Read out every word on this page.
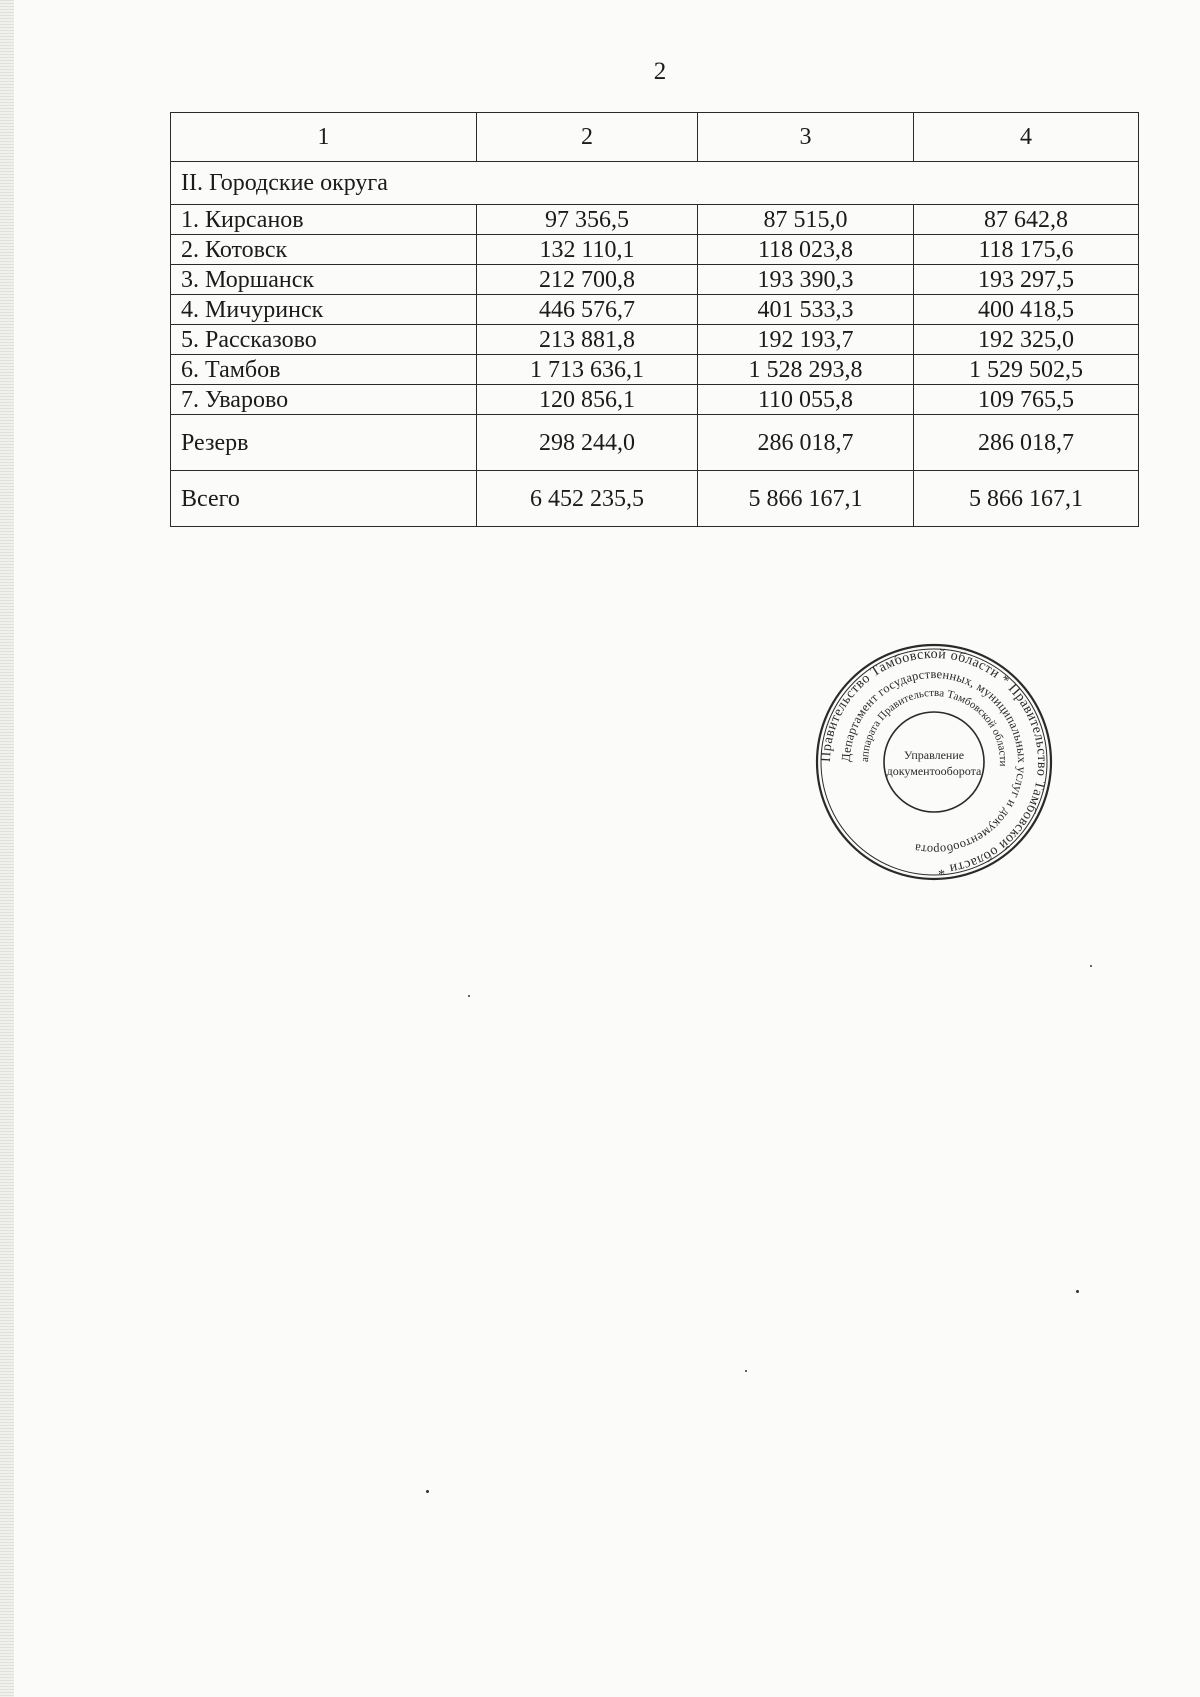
2
1	2	3	4
II. Городские округа			
1. Кирсанов	97 356,5	87 515,0	87 642,8
2. Котовск	132 110,1	118 023,8	118 175,6
3. Моршанск	212 700,8	193 390,3	193 297,5
4. Мичуринск	446 576,7	401 533,3	400 418,5
5. Рассказово	213 881,8	192 193,7	192 325,0
6. Тамбов	1 713 636,1	1 528 293,8	1 529 502,5
7. Уварово	120 856,1	110 055,8	109 765,5
Резерв	298 244,0	286 018,7	286 018,7
Всего	6 452 235,5	5 866 167,1	5 866 167,1
Правительство Тамбовской области * Правительство Тамбовской области *
Департамент государственных, муниципальных услуг и документооборота
аппарата Правительства Тамбовской области
Управление
документооборота
